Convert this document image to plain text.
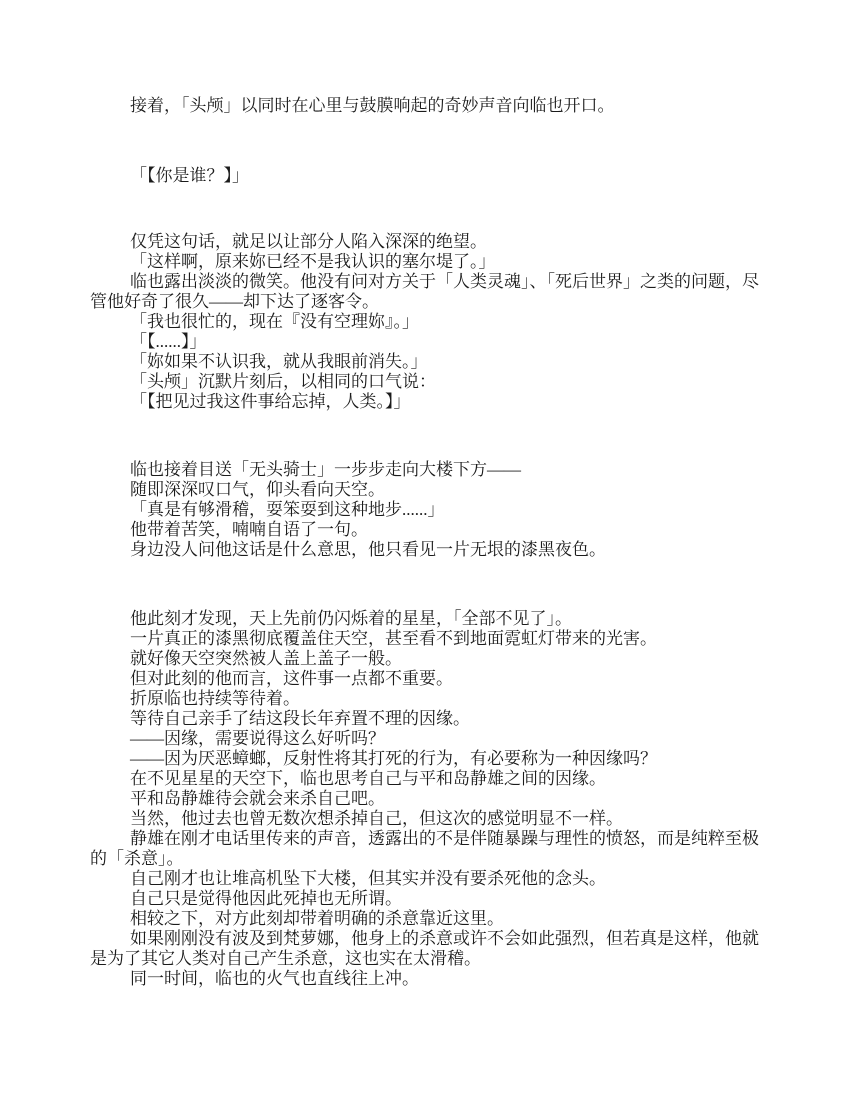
接着，「头颅」以同时在心里与鼓膜响起的奇妙声音向临也开口。

「【你是谁？】」

仅凭这句话，就足以让部分人陷入深深的绝望。

「这样啊，原来妳已经不是我认识的塞尔堤了。」

临也露出淡淡的微笑。他没有问对方关于「人类灵魂」、「死后世界」之类的问题，尽管他好奇了很久——却下达了逐客令。

「我也很忙的，现在『没有空理妳』。」

「【......】」

「妳如果不认识我，就从我眼前消失。」

「头颅」沉默片刻后，以相同的口气说：

「【把见过我这件事给忘掉，人类。】」

临也接着目送「无头骑士」一步步走向大楼下方——

随即深深叹口气，仰头看向天空。

「真是有够滑稽，耍笨耍到这种地步......」

他带着苦笑，喃喃自语了一句。

身边没人问他这话是什么意思，他只看见一片无垠的漆黑夜色。

他此刻才发现，天上先前仍闪烁着的星星，「全部不见了」。

一片真正的漆黑彻底覆盖住天空，甚至看不到地面霓虹灯带来的光害。

就好像天空突然被人盖上盖子一般。

但对此刻的他而言，这件事一点都不重要。

折原临也持续等待着。

等待自己亲手了结这段长年弃置不理的因缘。

——因缘，需要说得这么好听吗？

——因为厌恶蟑螂，反射性将其打死的行为，有必要称为一种因缘吗？

在不见星星的天空下，临也思考自己与平和岛静雄之间的因缘。

平和岛静雄待会就会来杀自己吧。

当然，他过去也曾无数次想杀掉自己，但这次的感觉明显不一样。

静雄在刚才电话里传来的声音，透露出的不是伴随暴躁与理性的愤怒，而是纯粹至极的「杀意」。

自己刚才也让堆高机坠下大楼，但其实并没有要杀死他的念头。

自己只是觉得他因此死掉也无所谓。

相较之下，对方此刻却带着明确的杀意靠近这里。

如果刚刚没有波及到梵萝娜，他身上的杀意或许不会如此强烈，但若真是这样，他就是为了其它人类对自己产生杀意，这也实在太滑稽。

同一时间，临也的火气也直线往上冲。
